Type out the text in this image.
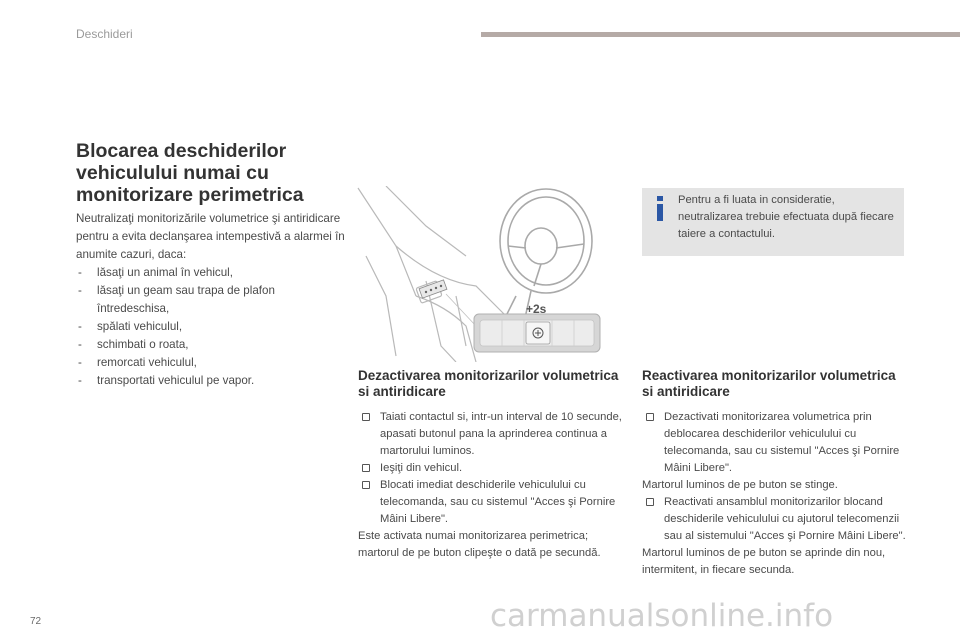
Deschideri
Blocarea deschiderilor vehiculului numai cu monitorizare perimetrica
Neutralizaţi monitorizările volumetrice şi antiridicare pentru a evita declanşarea intempestivă a alarmei în anumite cazuri, daca:
- lăsaţi un animal în vehicul,
- lăsaţi un geam sau trapa de plafon întredeschisa,
- spălati vehiculul,
- schimbati o roata,
- remorcati vehiculul,
- transportati vehiculul pe vapor.
+2s
Pentru a fi luata in consideratie, neutralizarea trebuie efectuata după fiecare taiere a contactului.
Dezactivarea monitorizarilor volumetrica si antiridicare
Taiati contactul si, intr-un interval de 10 secunde, apasati butonul pana la aprinderea continua a martorului luminos.
Ieşiţi din vehicul.
Blocati imediat deschiderile vehiculului cu telecomanda, sau cu sistemul "Acces şi Pornire Mâini Libere".
Este activata numai monitorizarea perimetrica; martorul de pe buton clipeşte o dată pe secundă.
Reactivarea monitorizarilor volumetrica si antiridicare
Dezactivati monitorizarea volumetrica prin deblocarea deschiderilor vehiculului cu telecomanda, sau cu sistemul "Acces şi Pornire Mâini Libere".
Martorul luminos de pe buton se stinge.
Reactivati ansamblul monitorizarilor blocand deschiderile vehiculului cu ajutorul telecomenzii sau al sistemului "Acces şi Pornire Mâini Libere".
Martorul luminos de pe buton se aprinde din nou, intermitent, in fiecare secunda.
72	carmanualsonline.info
